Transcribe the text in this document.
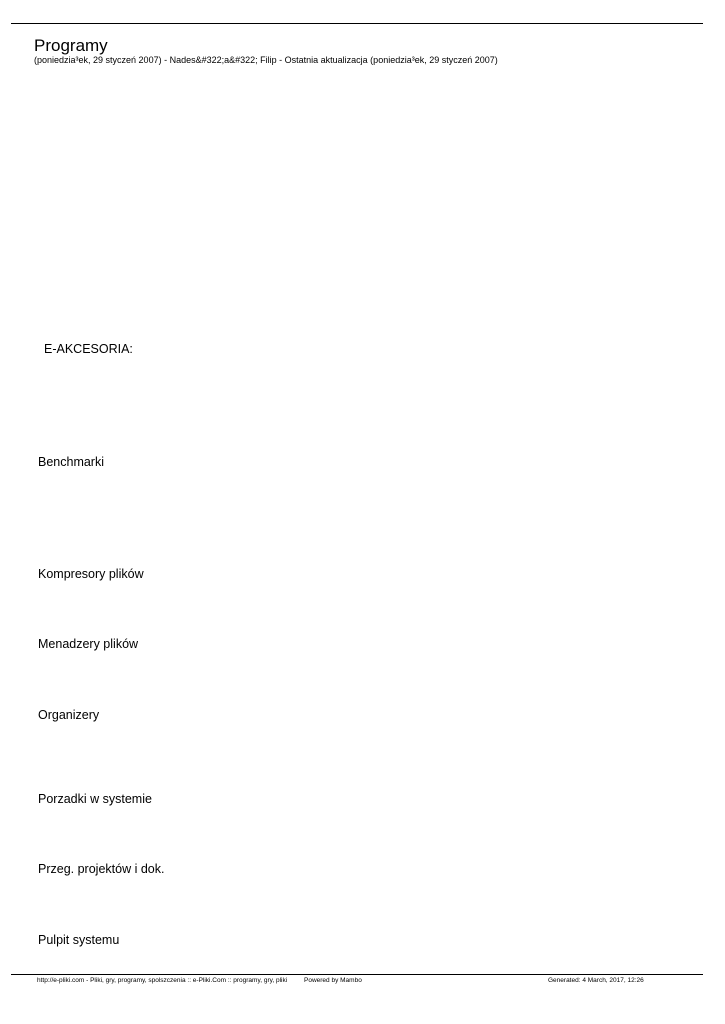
Programy
(poniedzia³ek, 29 styczeń 2007) - Nades&#322;a&#322; Filip - Ostatnia aktualizacja (poniedzia³ek, 29 styczeń 2007)
E-AKCESORIA:
Benchmarki
Kompresory plików
Menadzery plików
Organizery
Porzadki w systemie
Przeg. projektów i dok.
Pulpit systemu
http://e-pliki.com - Pliki, gry, programy, spolszczenia :: e-Pliki.Com :: programy, gry, pliki	Powered by Mambo	Generated: 4 March, 2017, 12:26
